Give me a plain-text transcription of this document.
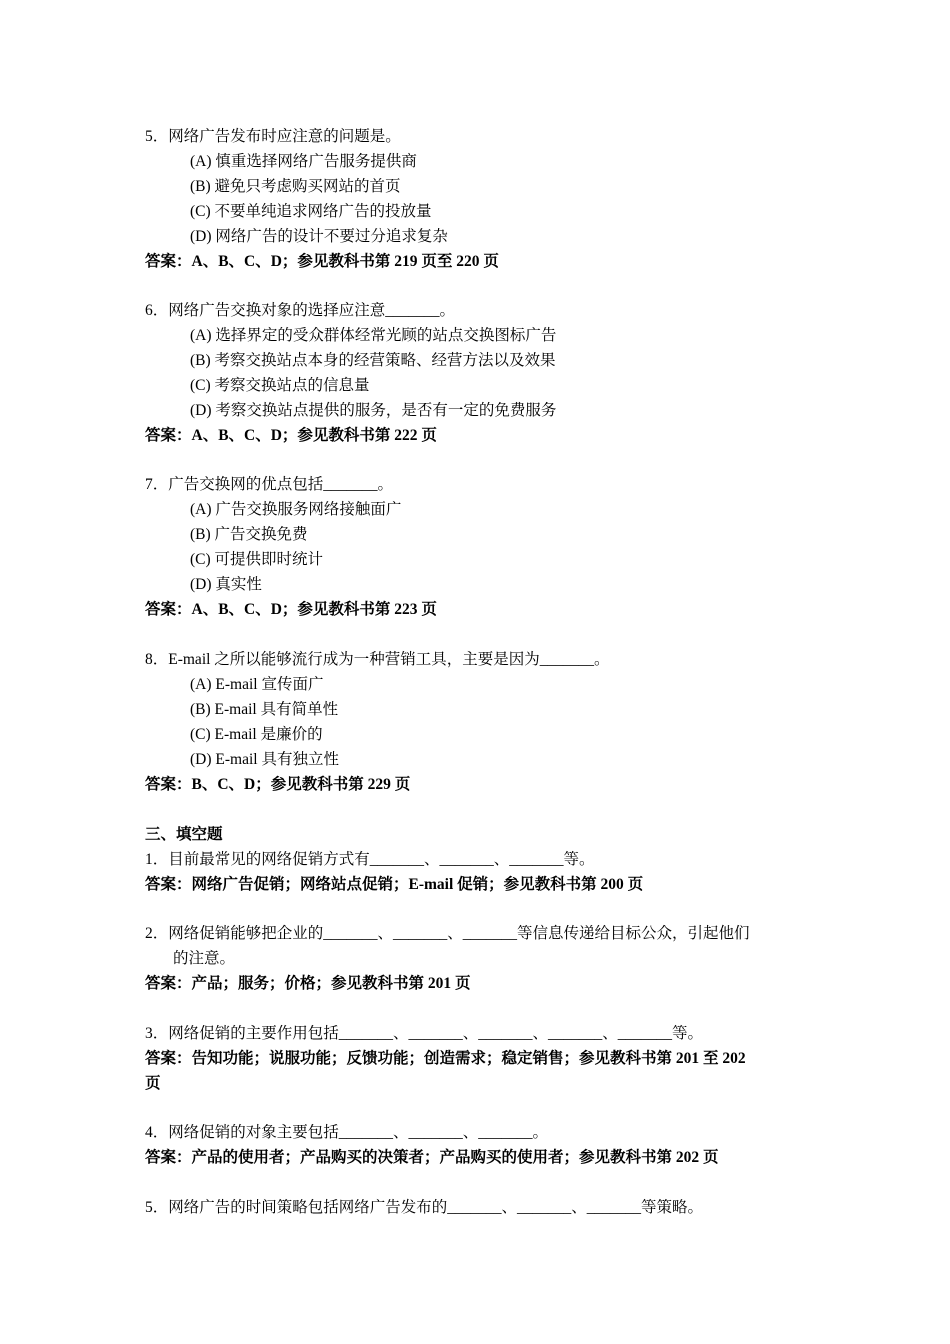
5．网络广告发布时应注意的问题是。
(A) 慎重选择网络广告服务提供商
(B) 避免只考虑购买网站的首页
(C) 不要单纯追求网络广告的投放量
(D) 网络广告的设计不要过分追求复杂
答案：A、B、C、D；参见教科书第 219 页至 220 页
6．网络广告交换对象的选择应注意_______。
(A) 选择界定的受众群体经常光顾的站点交换图标广告
(B) 考察交换站点本身的经营策略、经营方法以及效果
(C) 考察交换站点的信息量
(D) 考察交换站点提供的服务，是否有一定的免费服务
答案：A、B、C、D；参见教科书第 222 页
7．广告交换网的优点包括_______。
(A) 广告交换服务网络接触面广
(B) 广告交换免费
(C) 可提供即时统计
(D) 真实性
答案：A、B、C、D；参见教科书第 223 页
8．E-mail 之所以能够流行成为一种营销工具，主要是因为_______。
(A) E-mail 宣传面广
(B) E-mail 具有简单性
(C) E-mail 是廉价的
(D) E-mail 具有独立性
答案：B、C、D；参见教科书第 229 页
三、填空题
1．目前最常见的网络促销方式有_______、_______、_______等。
答案：网络广告促销；网络站点促销；E-mail 促销；参见教科书第 200 页
2．网络促销能够把企业的_______、_______、_______等信息传递给目标公众，引起他们
的注意。
答案：产品；服务；价格；参见教科书第 201 页
3．网络促销的主要作用包括_______、_______、_______、_______、_______等。
答案：告知功能；说服功能；反馈功能；创造需求；稳定销售；参见教科书第 201 至 202
页
4．网络促销的对象主要包括_______、_______、_______。
答案：产品的使用者；产品购买的决策者；产品购买的使用者；参见教科书第 202 页
5．网络广告的时间策略包括网络广告发布的_______、_______、_______等策略。
